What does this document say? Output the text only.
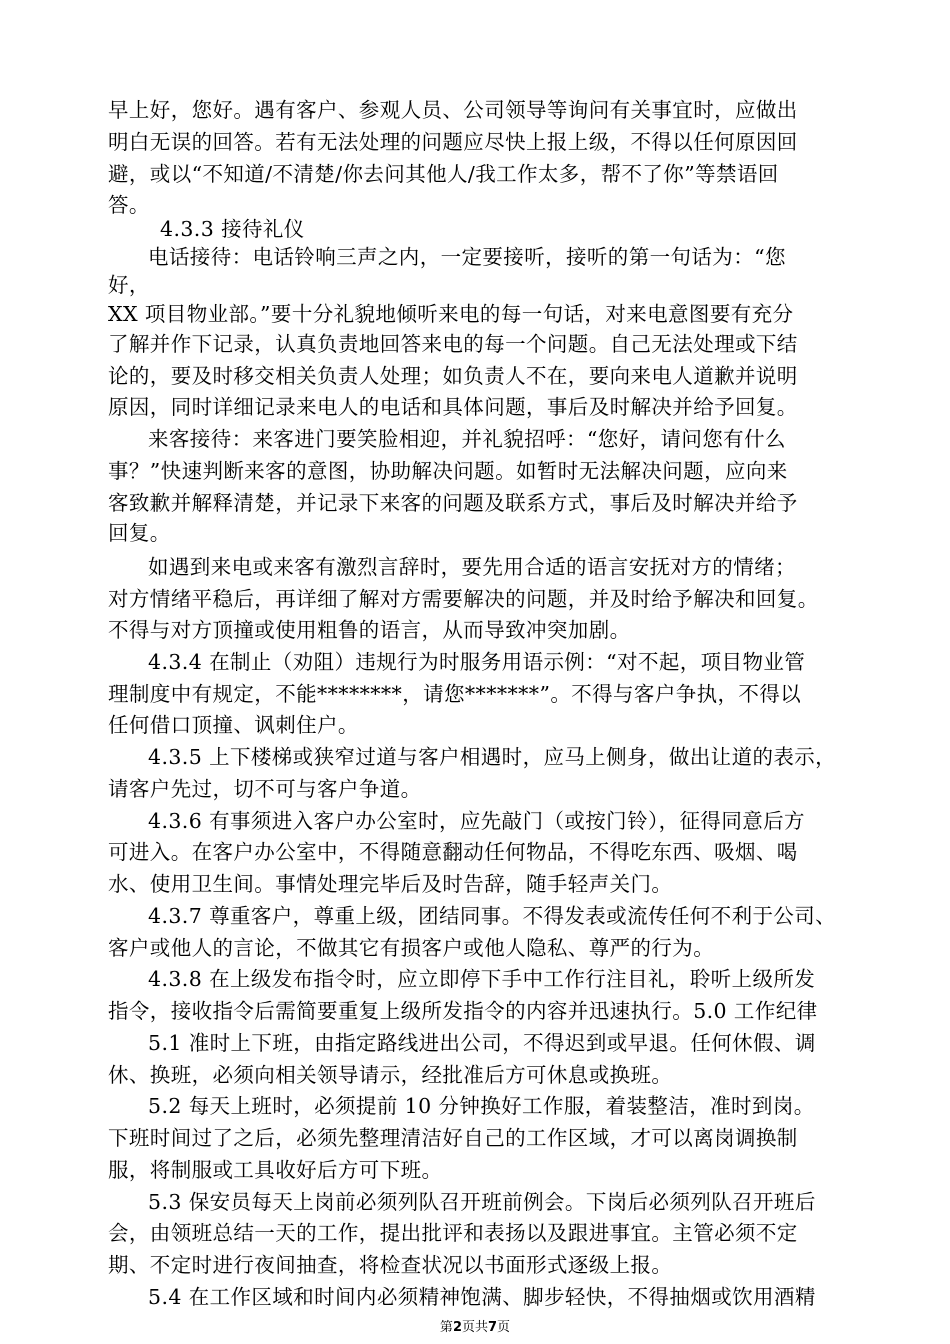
早上好，您好。遇有客户、参观人员、公司领导等询问有关事宜时，应做出
明白无误的回答。若有无法处理的问题应尽快上报上级，不得以任何原因回
避，或以“不知道/不清楚/你去问其他人/我工作太多，帮不了你”等禁语回
答。
4.3.3 接待礼仪
电话接待：电话铃响三声之内，一定要接听，接听的第一句话为：“您
好，
XX 项目物业部。”要十分礼貌地倾听来电的每一句话，对来电意图要有充分
了解并作下记录，认真负责地回答来电的每一个问题。自己无法处理或下结
论的，要及时移交相关负责人处理；如负责人不在，要向来电人道歉并说明
原因，同时详细记录来电人的电话和具体问题，事后及时解决并给予回复。
来客接待：来客进门要笑脸相迎，并礼貌招呼：“您好，请问您有什么
事？”快速判断来客的意图，协助解决问题。如暂时无法解决问题，应向来
客致歉并解释清楚，并记录下来客的问题及联系方式，事后及时解决并给予
回复。
如遇到来电或来客有激烈言辞时，要先用合适的语言安抚对方的情绪；
对方情绪平稳后，再详细了解对方需要解决的问题，并及时给予解决和回复。
不得与对方顶撞或使用粗鲁的语言，从而导致冲突加剧。
4.3.4 在制止（劝阻）违规行为时服务用语示例：“对不起，项目物业管
理制度中有规定，不能********，请您*******”。不得与客户争执，不得以
任何借口顶撞、讽刺住户。
4.3.5 上下楼梯或狭窄过道与客户相遇时，应马上侧身，做出让道的表示，
请客户先过，切不可与客户争道。
4.3.6 有事须进入客户办公室时，应先敲门（或按门铃），征得同意后方
可进入。在客户办公室中，不得随意翻动任何物品，不得吃东西、吸烟、喝
水、使用卫生间。事情处理完毕后及时告辞，随手轻声关门。
4.3.7 尊重客户，尊重上级，团结同事。不得发表或流传任何不利于公司、
客户或他人的言论，不做其它有损客户或他人隐私、尊严的行为。
4.3.8 在上级发布指令时，应立即停下手中工作行注目礼，聆听上级所发
指令，接收指令后需简要重复上级所发指令的内容并迅速执行。5.0 工作纪律
5.1 准时上下班，由指定路线进出公司，不得迟到或早退。任何休假、调
休、换班，必须向相关领导请示，经批准后方可休息或换班。
5.2 每天上班时，必须提前 10 分钟换好工作服，着装整洁，准时到岗。
下班时间过了之后，必须先整理清洁好自己的工作区域，才可以离岗调换制
服，将制服或工具收好后方可下班。
5.3 保安员每天上岗前必须列队召开班前例会。下岗后必须列队召开班后
会，由领班总结一天的工作，提出批评和表扬以及跟进事宜。主管必须不定
期、不定时进行夜间抽查，将检查状况以书面形式逐级上报。
5.4 在工作区域和时间内必须精神饱满、脚步轻快，不得抽烟或饮用酒精
第2页共7页
